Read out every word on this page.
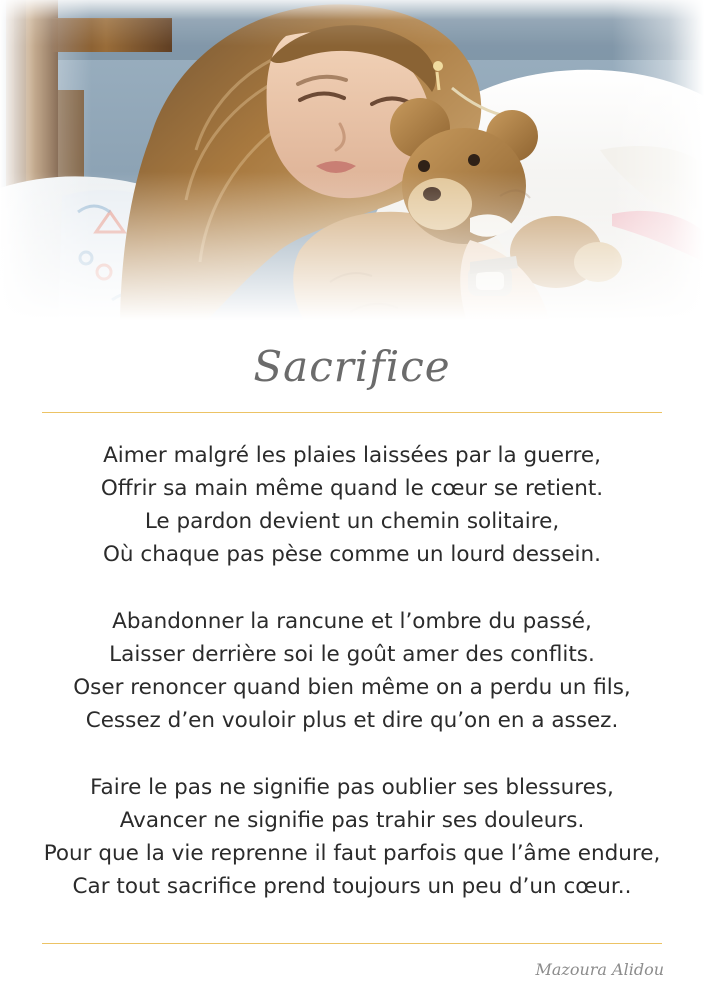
Sacrifice
Aimer malgré les plaies laissées par la guerre,
Offrir sa main même quand le cœur se retient.
Le pardon devient un chemin solitaire,
Où chaque pas pèse comme un lourd dessein.
Abandonner la rancune et l’ombre du passé,
Laisser derrière soi le goût amer des conflits.
Oser renoncer quand bien même on a perdu un fils,
Cessez d’en vouloir plus et dire qu’on en a assez.
Faire le pas ne signifie pas oublier ses blessures,
Avancer ne signifie pas trahir ses douleurs.
Pour que la vie reprenne il faut parfois que l’âme endure,
Car tout sacrifice prend toujours un peu d’un cœur..
Mazoura Alidou
